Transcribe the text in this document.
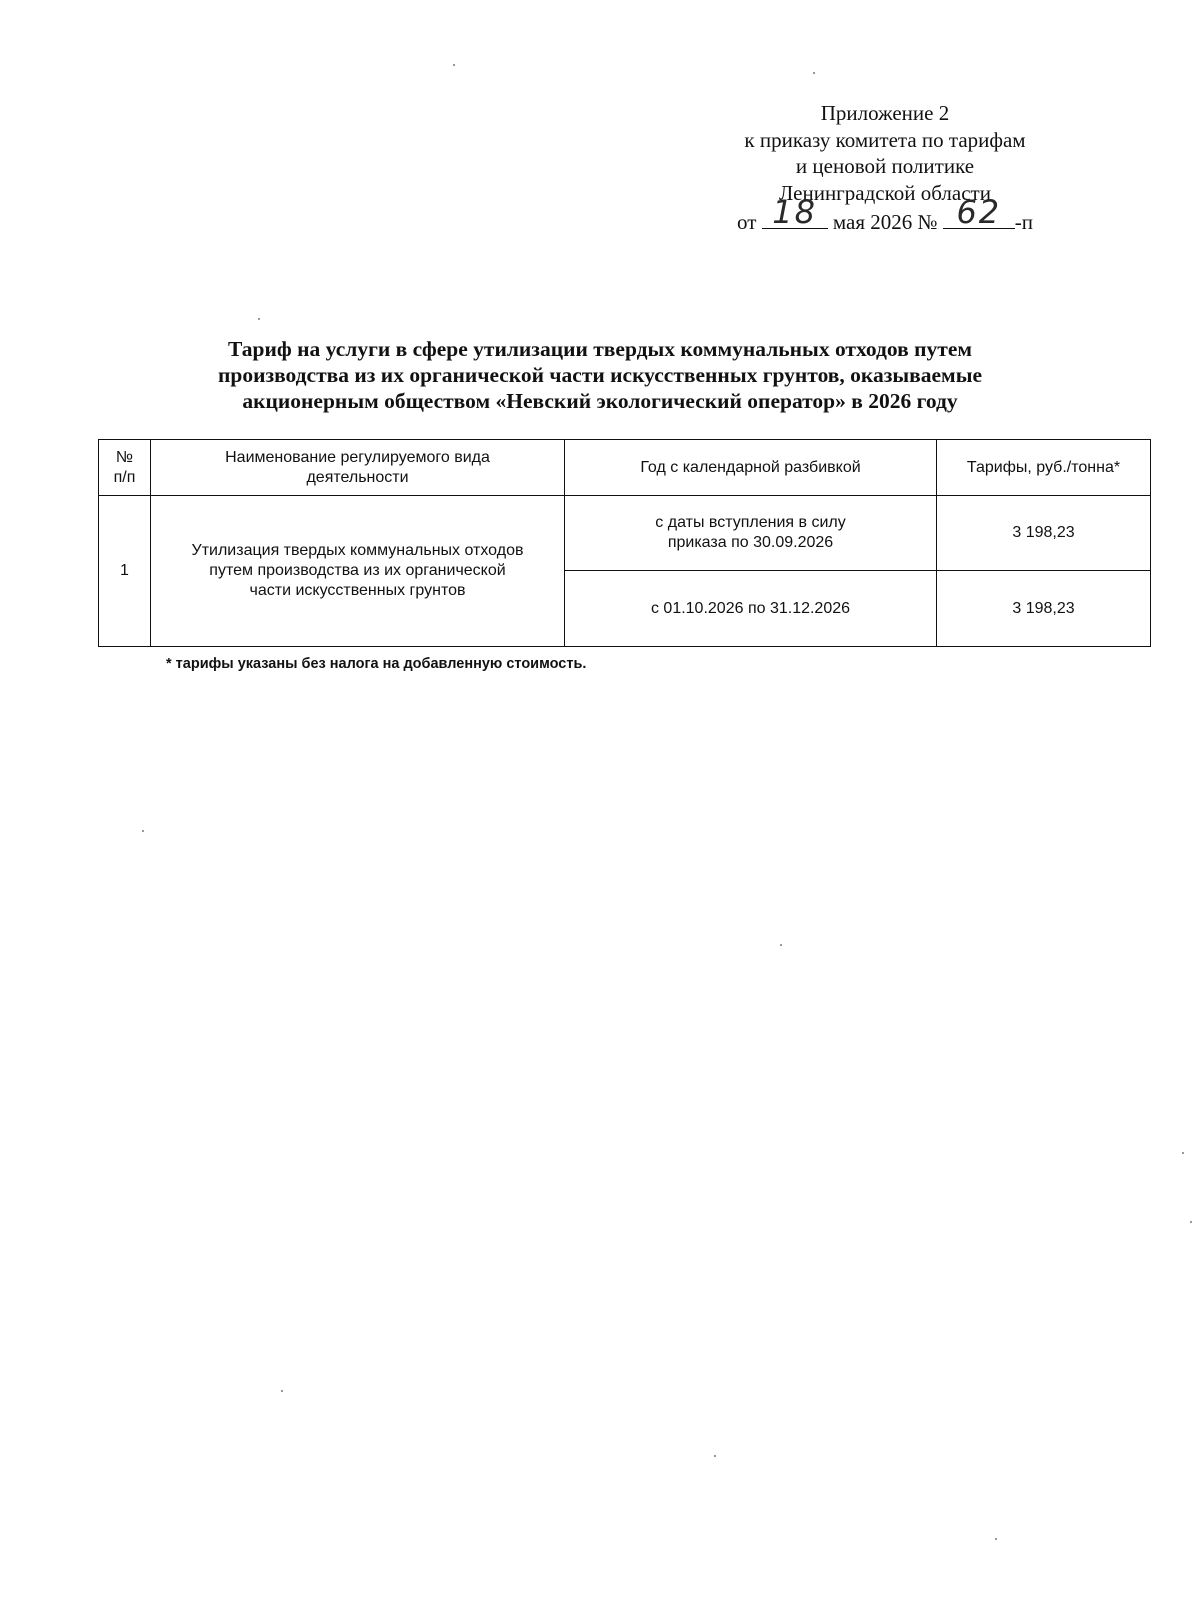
Приложение 2
к приказу комитета по тарифам
и ценовой политике
Ленинградской области
от 18 мая 2026 № 62 -п
Тариф на услуги в сфере утилизации твердых коммунальных отходов путем
производства из их органической части искусственных грунтов, оказываемые
акционерным обществом «Невский экологический оператор» в 2026 году
№
п/п	Наименование регулируемого вида
деятельности	Год с календарной разбивкой	Тарифы, руб./тонна*
1	Утилизация твердых коммунальных отходов
путем производства из их органической
части искусственных грунтов	с даты вступления в силу
приказа по 30.09.2026	3 198,23
		с 01.10.2026 по 31.12.2026	3 198,23
* тарифы указаны без налога на добавленную стоимость.
